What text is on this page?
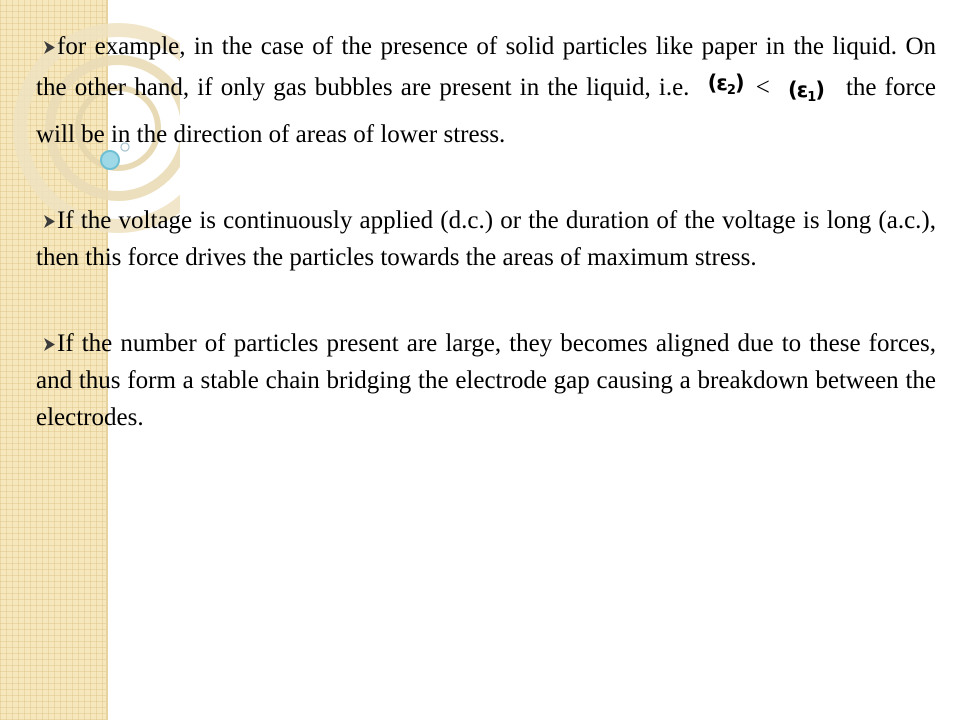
for example, in the case of the presence of solid particles like paper in the liquid. On the other hand, if only gas bubbles are present in the liquid, i.e. $(\varepsilon_2) < (\varepsilon_1)$ the force will be in the direction of areas of lower stress.

If the voltage is continuously applied (d.c.) or the duration of the voltage is long (a.c.), then this force drives the particles towards the areas of maximum stress.

If the number of particles present are large, they becomes aligned due to these forces, and thus form a stable chain bridging the electrode gap causing a breakdown between the electrodes.
